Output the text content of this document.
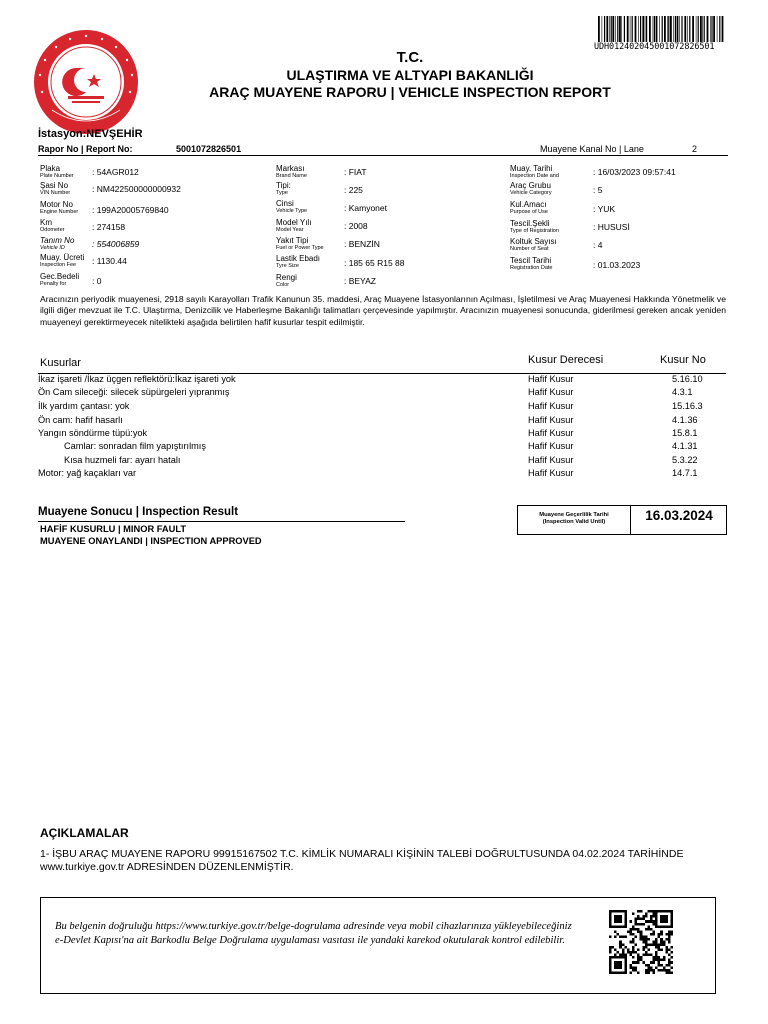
UDH012402045001072826501
T.C.
ULAŞTIRMA VE ALTYAPI BAKANLIĞI
ARAÇ MUAYENE RAPORU | VEHICLE INSPECTION REPORT
İstasyon:NEVŞEHİR
Rapor No | Report No:	5001072826501	Muayene Kanal No | Lane	2
Plaka
Plate Number : 54AGR012
Şasi No
VIN Number	: NM422500000000932
Motor No
Engine Number : 199A20005769840
Km
Odometer	: 274158
Tanım No
Vehicle ID	: 554006859
Muay. Ücreti
Inspection Fee	: 1130.44
Gec.Bedeli
Penalty for	: 0
Markası
Brand Name	: FIAT
Tipi:
Type	: 225
Cinsi
Vehicle Type	: Kamyonet
Model Yılı
Model Year	: 2008
Yakıt Tipi
Fuel or Power Type : BENZİN
Lastik Ebadı
Tyre Size	: 185 65 R15 88
Rengi
Color	: BEYAZ
Muay. Tarihi
Inspection Date and	: 16/03/2023 09:57:41
Araç Grubu
Vehicle Category	: 5
Kul.Amacı
Purpose of Use	: YUK
Tescil.Şekli
Type of Registration	: HUSUSİ
Koltuk Sayısı
Number of Seat	: 4
Tescil Tarihi
Registration Date	: 01.03.2023
Aracınızın periyodik muayenesi, 2918 sayılı Karayolları Trafik Kanunun 35. maddesi, Araç Muayene İstasyonlarının Açılması, İşletilmesi ve Araç Muayenesi Hakkında Yönetmelik ve ilgili diğer mevzuat ile T.C. Ulaştırma, Denizcilik ve Haberleşme Bakanlığı talimatları çerçevesinde yapılmıştır. Aracınızın muayenesi sonucunda, giderilmesi gereken ancak yeniden muayeneyi gerektirmeyecek nitelikteki aşağıda belirtilen hafif kusurlar tespit edilmiştir.
Kusurlar	Kusur Derecesi	Kusur No
İkaz işareti /İkaz üçgen reflektörü:İkaz işareti yok	Hafif Kusur	5.16.10
Ön Cam sileceği: silecek süpürgeleri yıpranmış	Hafif Kusur	4.3.1
İlk yardım çantası: yok	Hafif Kusur	15.16.3
Ön cam: hafif hasarlı	Hafif Kusur	4.1.36
Yangın söndürme tüpü:yok	Hafif Kusur	15.8.1
Camlar: sonradan film yapıştırılmış	Hafif Kusur	4.1.31
Kısa huzmeli far: ayarı hatalı	Hafif Kusur	5.3.22
Motor: yağ kaçakları var	Hafif Kusur	14.7.1
Muayene Sonucu | Inspection Result
HAFİF KUSURLU | MINOR FAULT
MUAYENE ONAYLANDI | INSPECTION APPROVED
Muayene Geçerlilik Tarihi
(Inspection Valid Until)	16.03.2024
AÇIKLAMALAR
1- İŞBU ARAÇ MUAYENE RAPORU 99915167502 T.C. KİMLİK NUMARALI KİŞİNİN TALEBİ DOĞRULTUSUNDA 04.02.2024 TARİHİNDE www.turkiye.gov.tr ADRESİNDEN DÜZENLENMİŞTİR.
Bu belgenin doğruluğu https://www.turkiye.gov.tr/belge-dogrulama adresinde veya mobil cihazlarınıza yükleyebileceğiniz e-Devlet Kapısı'na ait Barkodlu Belge Doğrulama uygulaması vasıtası ile yandaki karekod okutularak kontrol edilebilir.
